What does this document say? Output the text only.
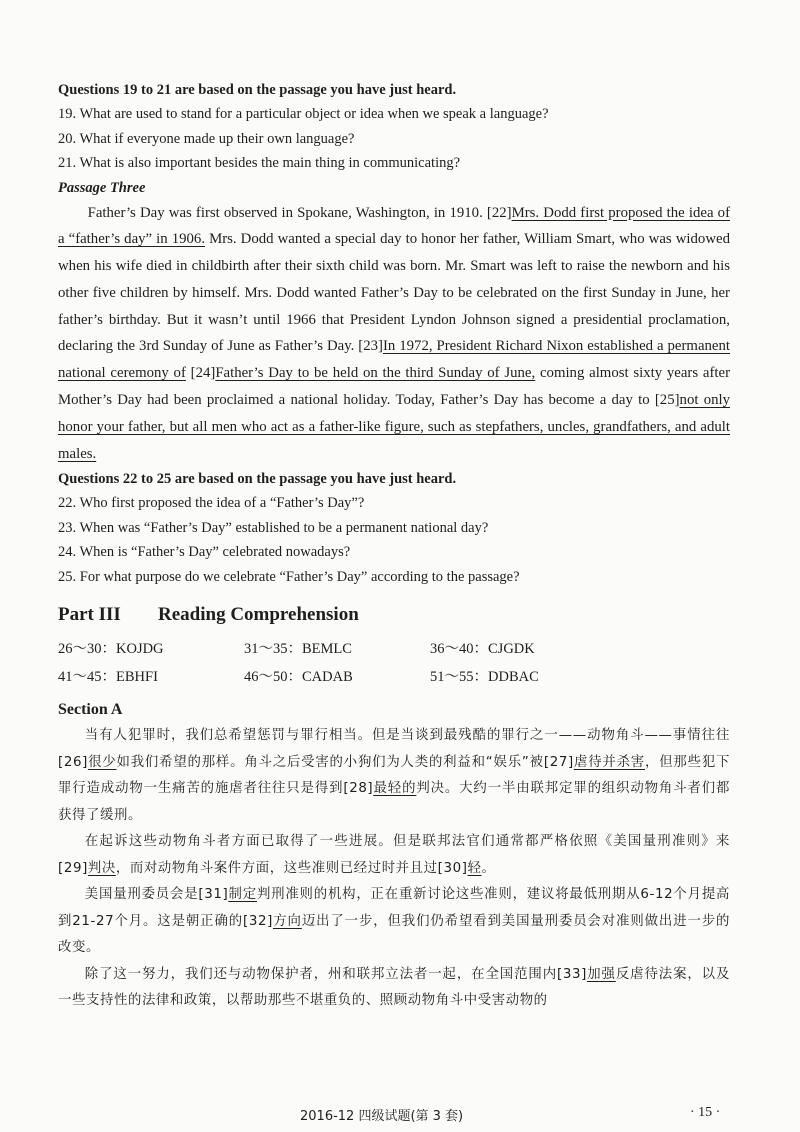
Questions 19 to 21 are based on the passage you have just heard.
19. What are used to stand for a particular object or idea when we speak a language?
20. What if everyone made up their own language?
21. What is also important besides the main thing in communicating?
Passage Three

Father’s Day was first observed in Spokane, Washington, in 1910. [22]Mrs. Dodd first proposed the idea of a “father’s day” in 1906. Mrs. Dodd wanted a special day to honor her father, William Smart, who was widowed when his wife died in childbirth after their sixth child was born. Mr. Smart was left to raise the newborn and his other five children by himself. Mrs. Dodd wanted Father’s Day to be celebrated on the first Sunday in June, her father’s birthday. But it wasn’t until 1966 that President Lyndon Johnson signed a presidential proclamation, declaring the 3rd Sunday of June as Father’s Day. [23]In 1972, President Richard Nixon established a permanent national ceremony of [24]Father’s Day to be held on the third Sunday of June, coming almost sixty years after Mother’s Day had been proclaimed a national holiday. Today, Father’s Day has become a day to [25]not only honor your father, but all men who act as a father-like figure, such as stepfathers, uncles, grandfathers, and adult males.

Questions 22 to 25 are based on the passage you have just heard.
22. Who first proposed the idea of a “Father’s Day”?
23. When was “Father’s Day” established to be a permanent national day?
24. When is “Father’s Day” celebrated nowadays?
25. For what purpose do we celebrate “Father’s Day” according to the passage?
Part III Reading Comprehension
26～30：KOJDG	31～35：BEMLC	36～40：CJGDK
41～45：EBHFI	46～50：CADAB	51～55：DDBAC
Section A

当有人犯罪时，我们总希望惩罚与罪行相当。但是当谈到最残酷的罪行之一——动物角斗——事情往往[26]很少如我们希望的那样。角斗之后受害的小狗们为人类的利益和“娱乐”被[27]虐待并杀害，但那些犯下罪行造成动物一生痛苦的施虐者往往只是得到[28]最轻的判决。大约一半由联邦定罪的组织动物角斗者们都获得了缓刑。

在起诉这些动物角斗者方面已取得了一些进展。但是联邦法官们通常都严格依照《美国量刑准则》来[29]判决，而对动物角斗案件方面，这些准则已经过时并且过[30]轻。

美国量刑委员会是[31]制定判刑准则的机构，正在重新讨论这些准则，建议将最低刑期从6-12个月提高到21-27个月。这是朝正确的[32]方向迈出了一步，但我们仍希望看到美国量刑委员会对准则做出进一步的改变。

除了这一努力，我们还与动物保护者，州和联邦立法者一起，在全国范围内[33]加强反虐待法案，以及一些支持性的法律和政策，以帮助那些不堪重负的、照顾动物角斗中受害动物的

2016-12 四级试题(第 3 套)	· 15 ·
